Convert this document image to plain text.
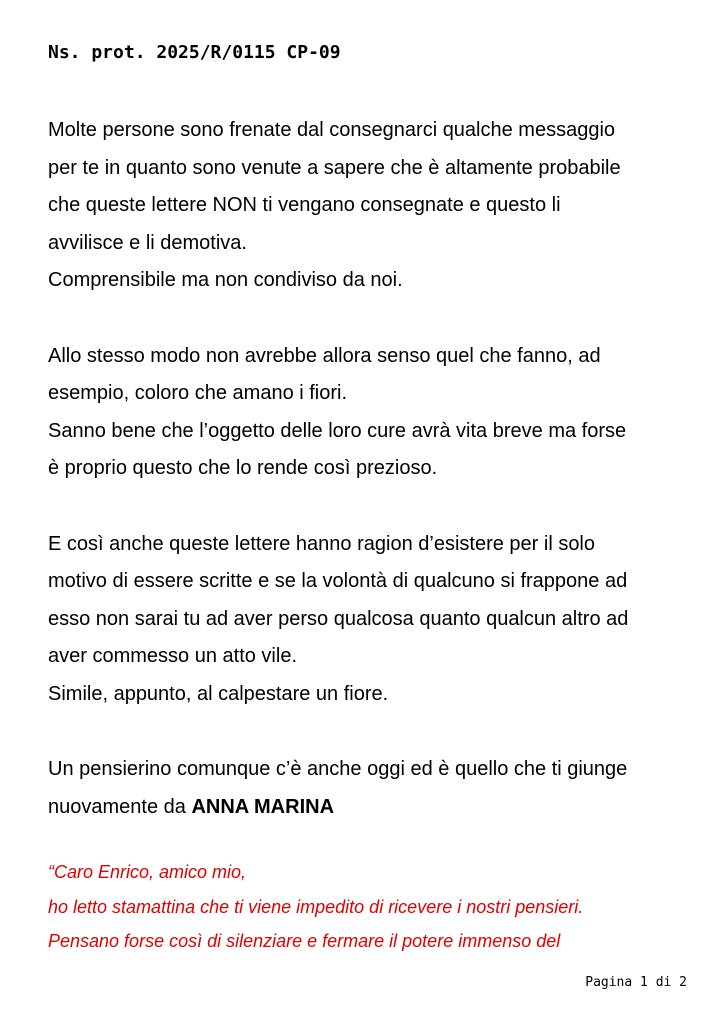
Ns. prot. 2025/R/0115 CP-09
Molte persone sono frenate dal consegnarci qualche messaggio
per te in quanto sono venute a sapere che è altamente probabile
che queste lettere NON ti vengano consegnate e questo li
avvilisce e li demotiva.
Comprensibile ma non condiviso da noi.
Allo stesso modo non avrebbe allora senso quel che fanno, ad
esempio, coloro che amano i fiori.
Sanno bene che l’oggetto delle loro cure avrà vita breve ma forse
è proprio questo che lo rende così prezioso.
E così anche queste lettere hanno ragion d’esistere per il solo
motivo di essere scritte e se la volontà di qualcuno si frappone ad
esso non sarai tu ad aver perso qualcosa quanto qualcun altro ad
aver commesso un atto vile.
Simile, appunto, al calpestare un fiore.
Un pensierino comunque c’è anche oggi ed è quello che ti giunge
nuovamente da ANNA MARINA
“Caro Enrico, amico mio,
ho letto stamattina che ti viene impedito di ricevere i nostri pensieri.
Pensano forse così di silenziare e fermare il potere immenso del
Pagina 1 di 2
